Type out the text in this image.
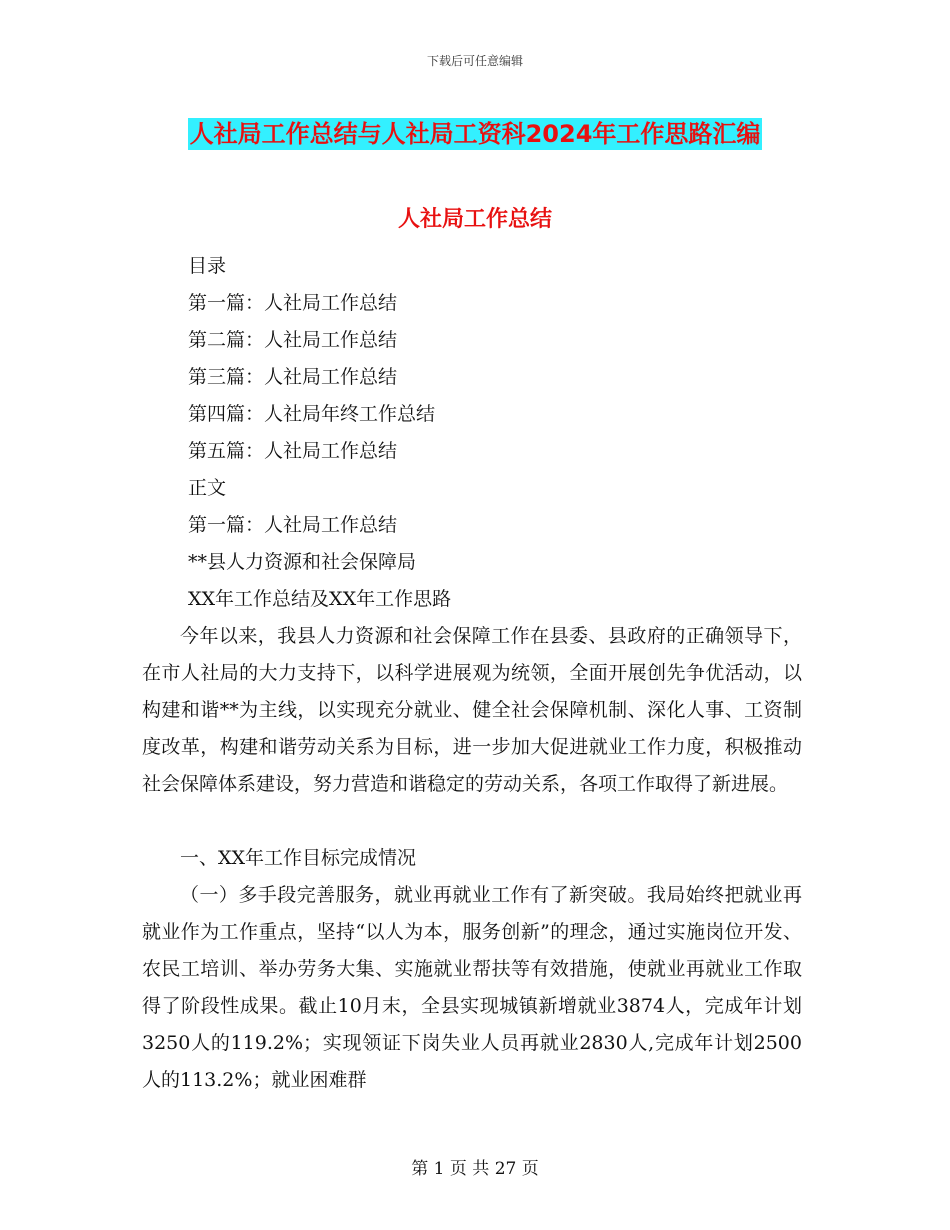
下载后可任意编辑
人社局工作总结与人社局工资科2024年工作思路汇编
人社局工作总结
目录
第一篇：人社局工作总结
第二篇：人社局工作总结
第三篇：人社局工作总结
第四篇：人社局年终工作总结
第五篇：人社局工作总结
正文
第一篇：人社局工作总结
**县人力资源和社会保障局
XX年工作总结及XX年工作思路

今年以来，我县人力资源和社会保障工作在县委、县政府的正确领导下，在市人社局的大力支持下，以科学进展观为统领，全面开展创先争优活动，以构建和谐**为主线，以实现充分就业、健全社会保障机制、深化人事、工资制度改革，构建和谐劳动关系为目标，进一步加大促进就业工作力度，积极推动社会保障体系建设，努力营造和谐稳定的劳动关系，各项工作取得了新进展。

一、XX年工作目标完成情况

（一）多手段完善服务，就业再就业工作有了新突破。我局始终把就业再就业作为工作重点，坚持“以人为本，服务创新”的理念，通过实施岗位开发、农民工培训、举办劳务大集、实施就业帮扶等有效措施，使就业再就业工作取得了阶段性成果。截止10月末，全县实现城镇新增就业3874人，完成年计划3250人的119.2%；实现领证下岗失业人员再就业2830人,完成年计划2500人的113.2%；就业困难群

第 1 页 共 27 页
